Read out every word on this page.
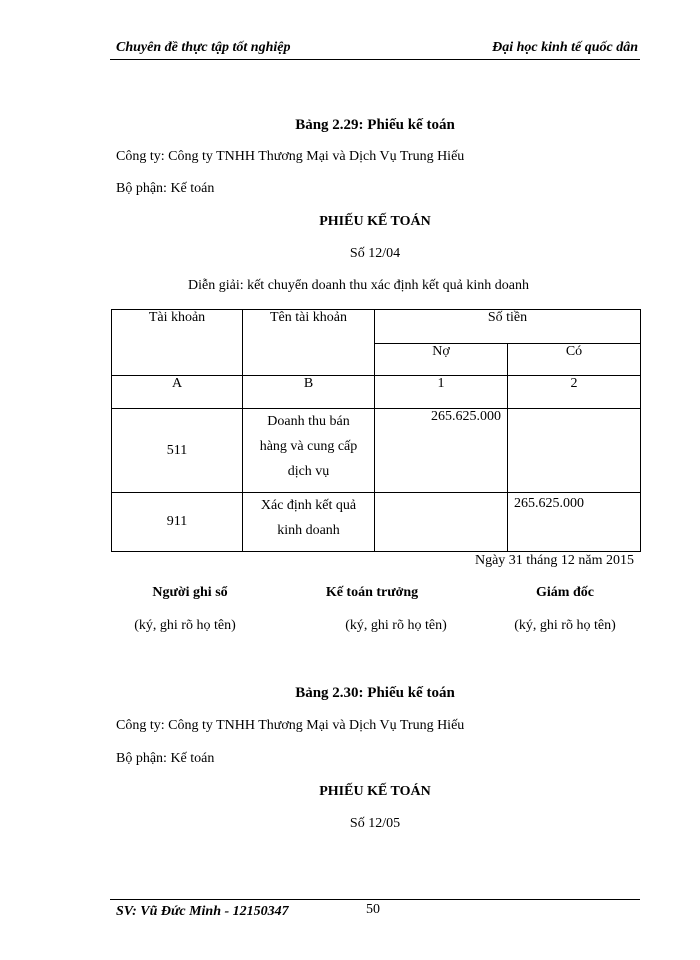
Chuyên đề thực tập tốt nghiệp	Đại học kinh tế quốc dân
Bảng 2.29: Phiếu kế toán
Công ty: Công ty TNHH Thương Mại và Dịch Vụ Trung Hiếu
Bộ phận: Kế toán
PHIẾU KẾ TOÁN
Số 12/04
Diễn giải: kết chuyển doanh thu xác định kết quả kinh doanh
Tài khoản	Tên tài khoản	Số tiền	
		Nợ	Có
A	B	1	2
511	Doanh thu bán
hàng và cung cấp
dịch vụ	265.625.000	
911	Xác định kết quả
kinh doanh		265.625.000
Ngày 31 tháng 12 năm 2015
Người ghi sổ
(ký, ghi rõ họ tên)
Kế toán trưởng
(ký, ghi rõ họ tên)
Giám đốc
(ký, ghi rõ họ tên)
Bảng 2.30: Phiếu kế toán
Công ty: Công ty TNHH Thương Mại và Dịch Vụ Trung Hiếu
Bộ phận: Kế toán
PHIẾU KẾ TOÁN
Số 12/05
SV: Vũ Đức Minh - 12150347	50
